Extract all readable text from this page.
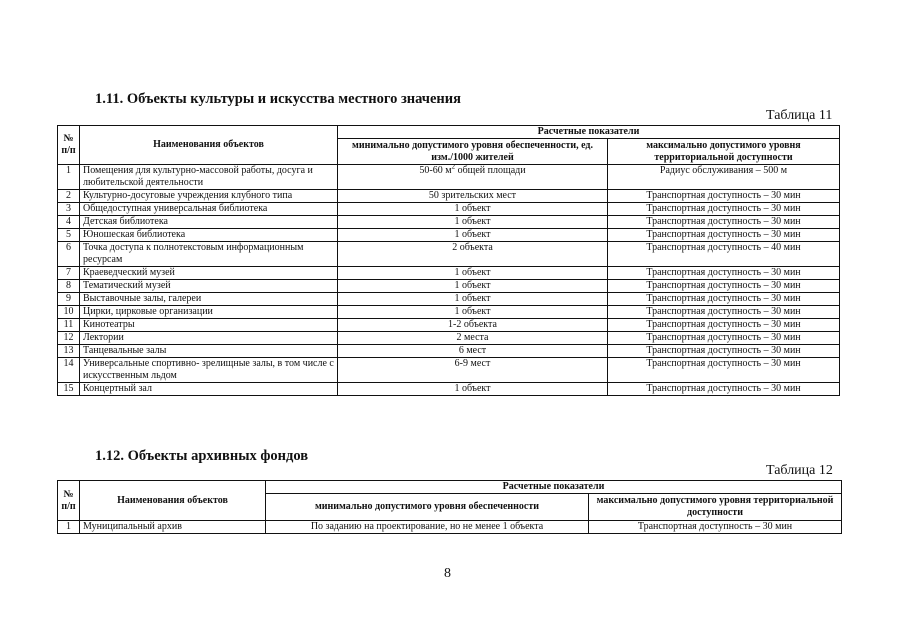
1.11. Объекты культуры и искусства местного значения
Таблица 11
№ п/п	Наименования объектов	Расчетные показатели	
		минимально допустимого уровня обеспеченности, ед. изм./1000 жителей	максимально допустимого уровня территориальной доступности
1	Помещения для культурно-массовой работы, досуга и любительской деятельности	50-60 $м^2$ общей площади	Радиус обслуживания – 500 м
2	Культурно-досуговые учреждения клубного типа	50 зрительских мест	Транспортная доступность – 30 мин
3	Общедоступная универсальная библиотека	1 объект	Транспортная доступность – 30 мин
4	Детская библиотека	1 объект	Транспортная доступность – 30 мин
5	Юношеская библиотека	1 объект	Транспортная доступность – 30 мин
6	Точка доступа к полнотекстовым информационным ресурсам	2 объекта	Транспортная доступность – 40 мин
7	Краеведческий музей	1 объект	Транспортная доступность – 30 мин
8	Тематический музей	1 объект	Транспортная доступность – 30 мин
9	Выставочные залы, галереи	1 объект	Транспортная доступность – 30 мин
10	Цирки, цирковые организации	1 объект	Транспортная доступность – 30 мин
11	Кинотеатры	1-2 объекта	Транспортная доступность – 30 мин
12	Лектории	2 места	Транспортная доступность – 30 мин
13	Танцевальные залы	6 мест	Транспортная доступность – 30 мин
14	Универсальные спортивно- зрелищные залы, в том числе с искусственным льдом	6-9 мест	Транспортная доступность – 30 мин
15	Концертный зал	1 объект	Транспортная доступность – 30 мин
1.12. Объекты архивных фондов
Таблица 12
№ п/п	Наименования объектов	Расчетные показатели	
		минимально допустимого уровня обеспеченности	максимально допустимого уровня территориальной доступности
1	Муниципальный архив	По заданию на проектирование, но не менее 1 объекта	Транспортная доступность – 30 мин
8
